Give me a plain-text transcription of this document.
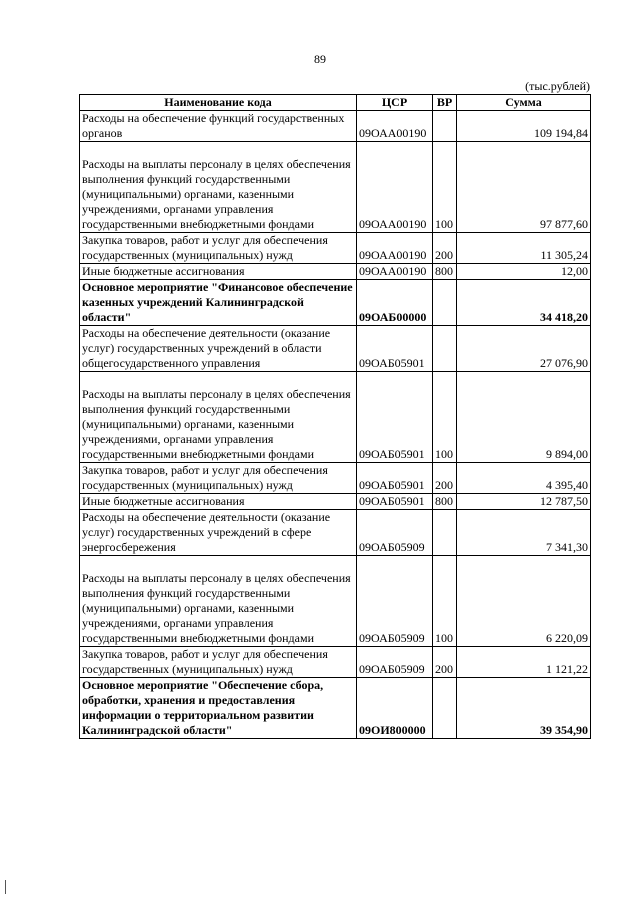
89
(тыс.рублей)
Наименование кода	ЦСР	ВР	Сумма
Расходы на обеспечение функций государственных органов	09ОАА00190		109 194,84
Расходы на выплаты персоналу в целях обеспечения выполнения функций государственными (муниципальными) органами, казенными учреждениями, органами управления государственными внебюджетными фондами	09ОАА00190	100	97 877,60
Закупка товаров, работ и услуг для обеспечения государственных (муниципальных) нужд	09ОАА00190	200	11 305,24
Иные бюджетные ассигнования	09ОАА00190	800	12,00
Основное мероприятие "Финансовое обеспечение казенных учреждений Калининградской области"	09ОАБ00000		34 418,20
Расходы на обеспечение деятельности (оказание услуг) государственных учреждений в области общегосударственного управления	09ОАБ05901		27 076,90
Расходы на выплаты персоналу в целях обеспечения выполнения функций государственными (муниципальными) органами, казенными учреждениями, органами управления государственными внебюджетными фондами	09ОАБ05901	100	9 894,00
Закупка товаров, работ и услуг для обеспечения государственных (муниципальных) нужд	09ОАБ05901	200	4 395,40
Иные бюджетные ассигнования	09ОАБ05901	800	12 787,50
Расходы на обеспечение деятельности (оказание услуг) государственных учреждений в сфере энергосбережения	09ОАБ05909		7 341,30
Расходы на выплаты персоналу в целях обеспечения выполнения функций государственными (муниципальными) органами, казенными учреждениями, органами управления государственными внебюджетными фондами	09ОАБ05909	100	6 220,09
Закупка товаров, работ и услуг для обеспечения государственных (муниципальных) нужд	09ОАБ05909	200	1 121,22
Основное мероприятие "Обеспечение сбора, обработки, хранения и предоставления информации о территориальном развитии Калининградской области"	09ОИ800000		39 354,90
